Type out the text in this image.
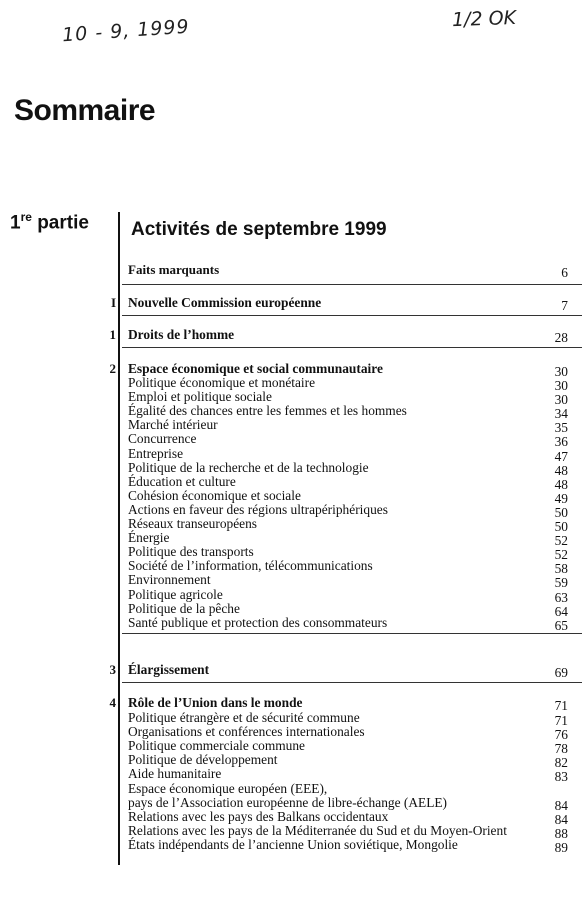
10 - 9, 1999	1/2 OK
Sommaire
1re partie Activités de septembre 1999
Faits marquants	6
I Nouvelle Commission européenne	7
1 Droits de l’homme	28
2 Espace économique et social communautaire	30
Politique économique et monétaire	30
Emploi et politique sociale	30
Égalité des chances entre les femmes et les hommes	34
Marché intérieur	35
Concurrence	36
Entreprise	47
Politique de la recherche et de la technologie	48
Éducation et culture	48
Cohésion économique et sociale	49
Actions en faveur des régions ultrapériphériques	50
Réseaux transeuropéens	50
Énergie	52
Politique des transports	52
Société de l’information, télécommunications	58
Environnement	59
Politique agricole	63
Politique de la pêche	64
Santé publique et protection des consommateurs	65
3 Élargissement	69
4 Rôle de l’Union dans le monde	71
Politique étrangère et de sécurité commune	71
Organisations et conférences internationales	76
Politique commerciale commune	78
Politique de développement	82
Aide humanitaire	83
Espace économique européen (EEE),
pays de l’Association européenne de libre-échange (AELE)	84
Relations avec les pays des Balkans occidentaux	84
Relations avec les pays de la Méditerranée du Sud et du Moyen-Orient	88
États indépendants de l’ancienne Union soviétique, Mongolie	89
